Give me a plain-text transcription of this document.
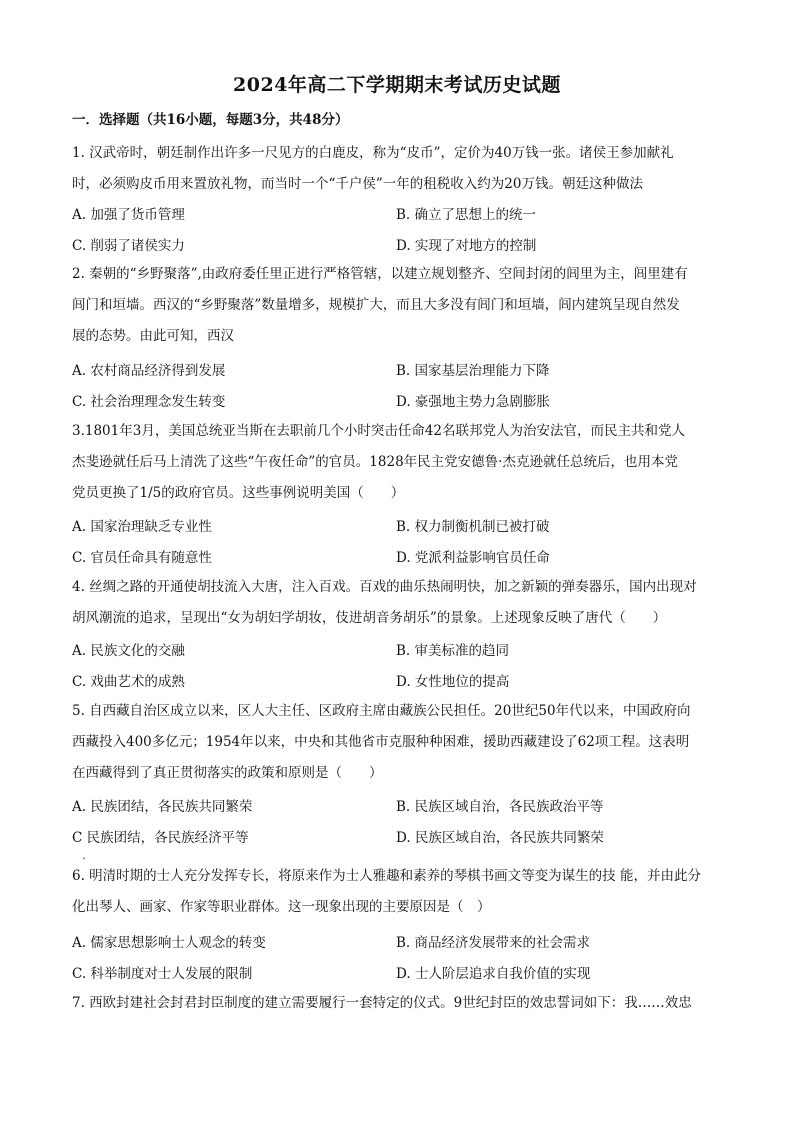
2024年高二下学期期末考试历史试题
一．选择题（共16小题，每题3分，共48分）

1. 汉武帝时，朝廷制作出许多一尺见方的白鹿皮，称为“皮币”，定价为40万钱一张。诸侯王参加献礼

时，必须购皮币用来置放礼物，而当时一个“千户侯”一年的租税收入约为20万钱。朝廷这种做法

A. 加强了货币管理	B. 确立了思想上的统一
C. 削弱了诸侯实力	D. 实现了对地方的控制

2. 秦朝的“乡野聚落”,由政府委任里正进行严格管辖，以建立规划整齐、空间封闭的闾里为主，闾里建有

闾门和垣墙。西汉的“乡野聚落”数量增多，规模扩大，而且大多没有闾门和垣墙，闾内建筑呈现自然发

展的态势。由此可知，西汉

A. 农村商品经济得到发展	B. 国家基层治理能力下降
C. 社会治理理念发生转变	D. 豪强地主势力急剧膨胀

3.1801年3月，美国总统亚当斯在去职前几个小时突击任命42名联邦党人为治安法官，而民主共和党人

杰斐逊就任后马上清洗了这些“午夜任命”的官员。1828年民主党安德鲁·杰克逊就任总统后，也用本党

党员更换了1/5的政府官员。这些事例说明美国（　　）

A. 国家治理缺乏专业性	B. 权力制衡机制已被打破
C. 官员任命具有随意性	D. 党派利益影响官员任命

4. 丝绸之路的开通使胡技流入大唐，注入百戏。百戏的曲乐热闹明快，加之新颖的弹奏器乐，国内出现对

胡风潮流的追求，呈现出“女为胡妇学胡妆，伎进胡音务胡乐”的景象。上述现象反映了唐代（　　）

A. 民族文化的交融	B. 审美标准的趋同
C. 戏曲艺术的成熟	D. 女性地位的提高

5. 自西藏自治区成立以来，区人大主任、区政府主席由藏族公民担任。20世纪50年代以来，中国政府向

西藏投入400多亿元；1954年以来，中央和其他省市克服种种困难，援助西藏建设了62项工程。这表明

在西藏得到了真正贯彻落实的政策和原则是（　　）

A. 民族团结，各民族共同繁荣	B. 民族区域自治，各民族政治平等
C 民族团结，各民族经济平等	D. 民族区域自治，各民族共同繁荣
.

6. 明清时期的士人充分发挥专长，将原来作为士人雅趣和素养的琴棋书画文等变为谋生的技 能，并由此分

化出琴人、画家、作家等职业群体。这一现象出现的主要原因是（　）

A. 儒家思想影响士人观念的转变	B. 商品经济发展带来的社会需求
C. 科举制度对士人发展的限制	D. 士人阶层追求自我价值的实现

7. 西欧封建社会封君封臣制度的建立需要履行一套特定的仪式。9世纪封臣的效忠誓词如下：我……效忠
